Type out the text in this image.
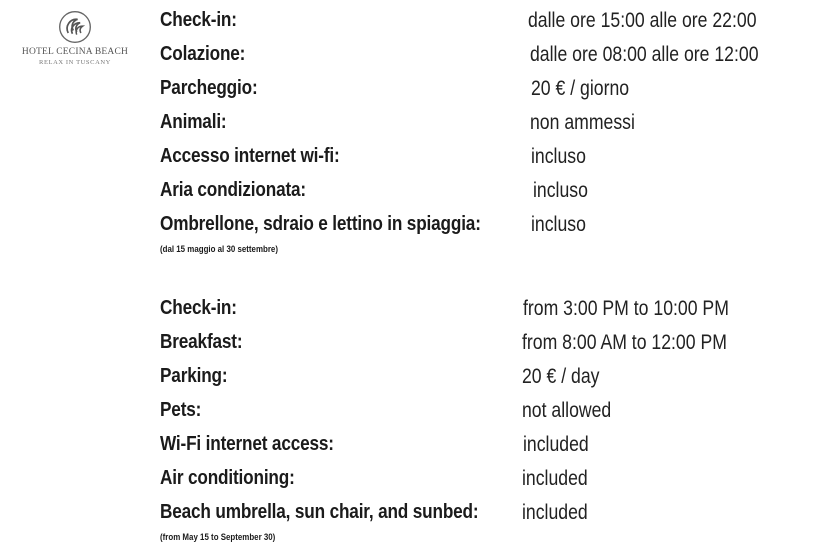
HOTEL CECINA BEACH
RELAX IN TUSCANY
Check-in:	dalle ore 15:00 alle ore 22:00
Colazione:	dalle ore 08:00 alle ore 12:00
Parcheggio:	20 € / giorno
Animali:	non ammessi
Accesso internet wi-fi:	incluso
Aria condizionata:	incluso
Ombrellone, sdraio e lettino in spiaggia: incluso
(dal 15 maggio al 30 settembre)
Check-in:	from 3:00 PM to 10:00 PM
Breakfast:	from 8:00 AM to 12:00 PM
Parking:	20 € / day
Pets:	not allowed
Wi-Fi internet access:	included
Air conditioning:	included
Beach umbrella, sun chair, and sunbed: included
(from May 15 to September 30)
